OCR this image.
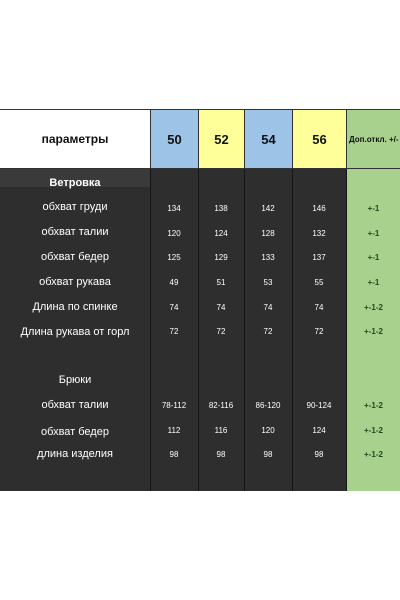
параметры	50	52	54	56	Доп.откл. +/-
Ветровка
обхват груди	134	138	142	146	+-1
обхват талии	120	124	128	132	+-1
обхват бедер	125	129	133	137	+-1
обхват рукава	49	51	53	55	+-1
Длина по спинке	74	74	74	74	+-1-2
Длина рукава от горл	72	72	72	72	+-1-2
Брюки
обхват талии	78-112	82-116	86-120	90-124	+-1-2
обхват бедер	112	116	120	124	+-1-2
длина изделия	98	98	98	98	+-1-2
